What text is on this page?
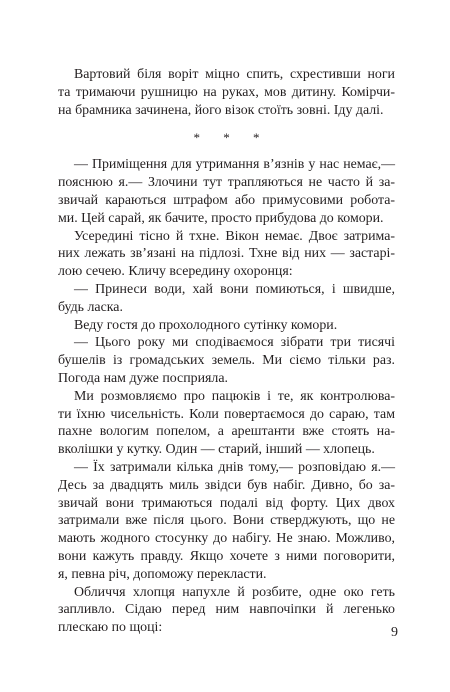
Вартовий біля воріт міцно спить, схрестивши ноги
та тримаючи рушницю на руках, мов дитину. Комірчи-
на брамника зачинена, його візок стоїть зовні. Іду далі.
* * *
— Приміщення для утримання в’язнів у нас немає,—
пояснюю я.— Злочини тут трапляються не часто й за-
звичай караються штрафом або примусовими робота-
ми. Цей сарай, як бачите, просто прибудова до комори.
Усередині тісно й тхне. Вікон немає. Двоє затрима-
них лежать зв’язані на підлозі. Тхне від них — застарі-
лою сечею. Кличу всередину охоронця:
— Принеси води, хай вони помиються, і швидше,
будь ласка.
Веду гостя до прохолодного сутінку комори.
— Цього року ми сподіваємося зібрати три тисячі
бушелів із громадських земель. Ми сіємо тільки раз.
Погода нам дуже посприяла.
Ми розмовляємо про пацюків і те, як контролюва-
ти їхню чисельність. Коли повертаємося до сараю, там
пахне вологим попелом, а арештанти вже стоять на-
вколішки у кутку. Один — старий, інший — хлопець.
— Їх затримали кілька днів тому,— розповідаю я.—
Десь за двадцять миль звідси був набіг. Дивно, бо за-
звичай вони тримаються подалі від форту. Цих двох
затримали вже після цього. Вони стверджують, що не
мають жодного стосунку до набігу. Не знаю. Можливо,
вони кажуть правду. Якщо хочете з ними поговорити,
я, певна річ, допоможу перекласти.
Обличчя хлопця напухле й розбите, одне око геть
запливло. Сідаю перед ним навпочіпки й легенько
плескаю по щоці:	9
